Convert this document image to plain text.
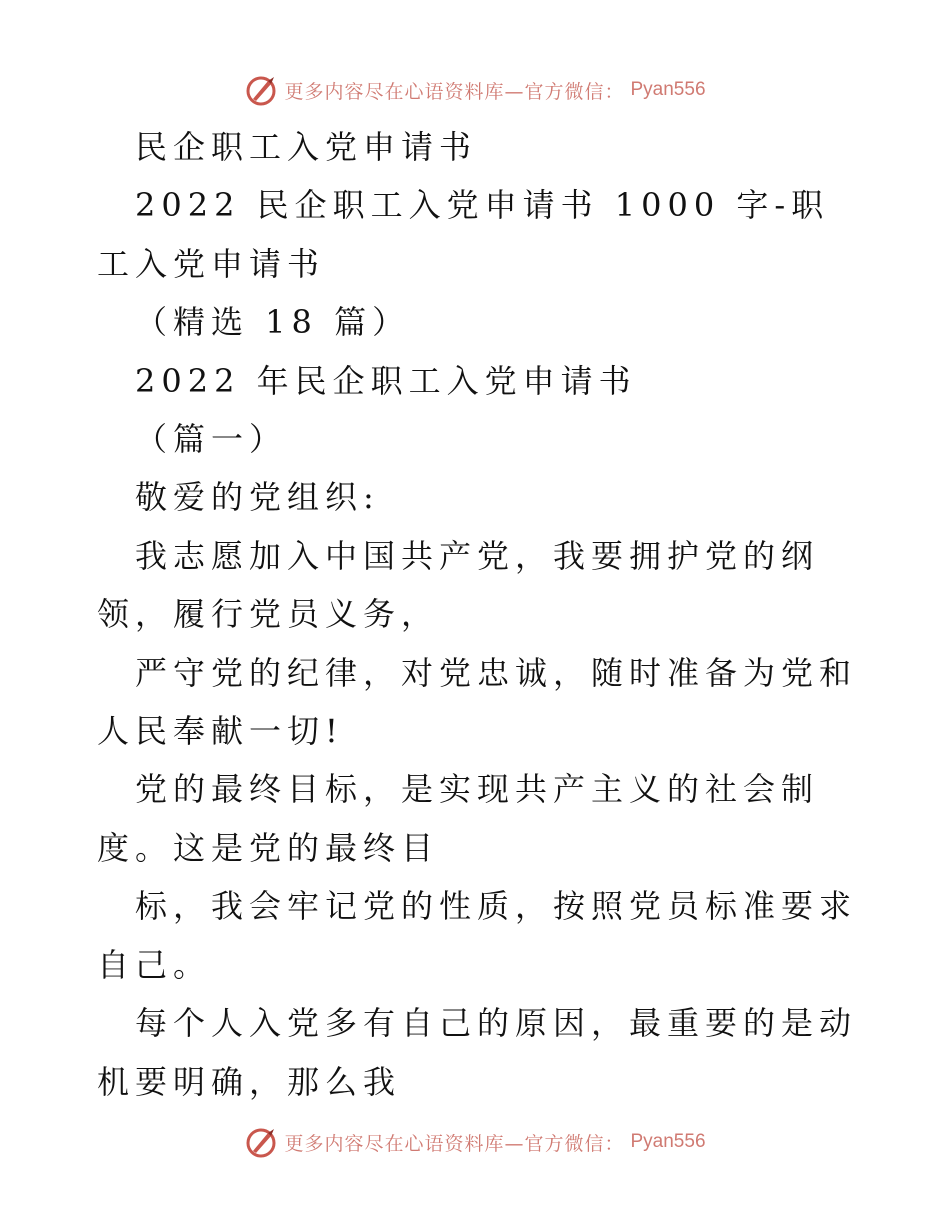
更多内容尽在心语资料库—官方微信： Pyan556

民企职工入党申请书

2022 民企职工入党申请书 1000 字-职工入党申请书

（精选 18 篇）

2022 年民企职工入党申请书

（篇一）

敬爱的党组织:

我志愿加入中国共产党，我要拥护党的纲领，履行党员义务，

严守党的纪律，对党忠诚，随时准备为党和人民奉献一切!

党的最终目标，是实现共产主义的社会制度。这是党的最终目

标，我会牢记党的性质，按照党员标准要求自己。

每个人入党多有自己的原因，最重要的是动机要明确，那么我

更多内容尽在心语资料库—官方微信： Pyan556
